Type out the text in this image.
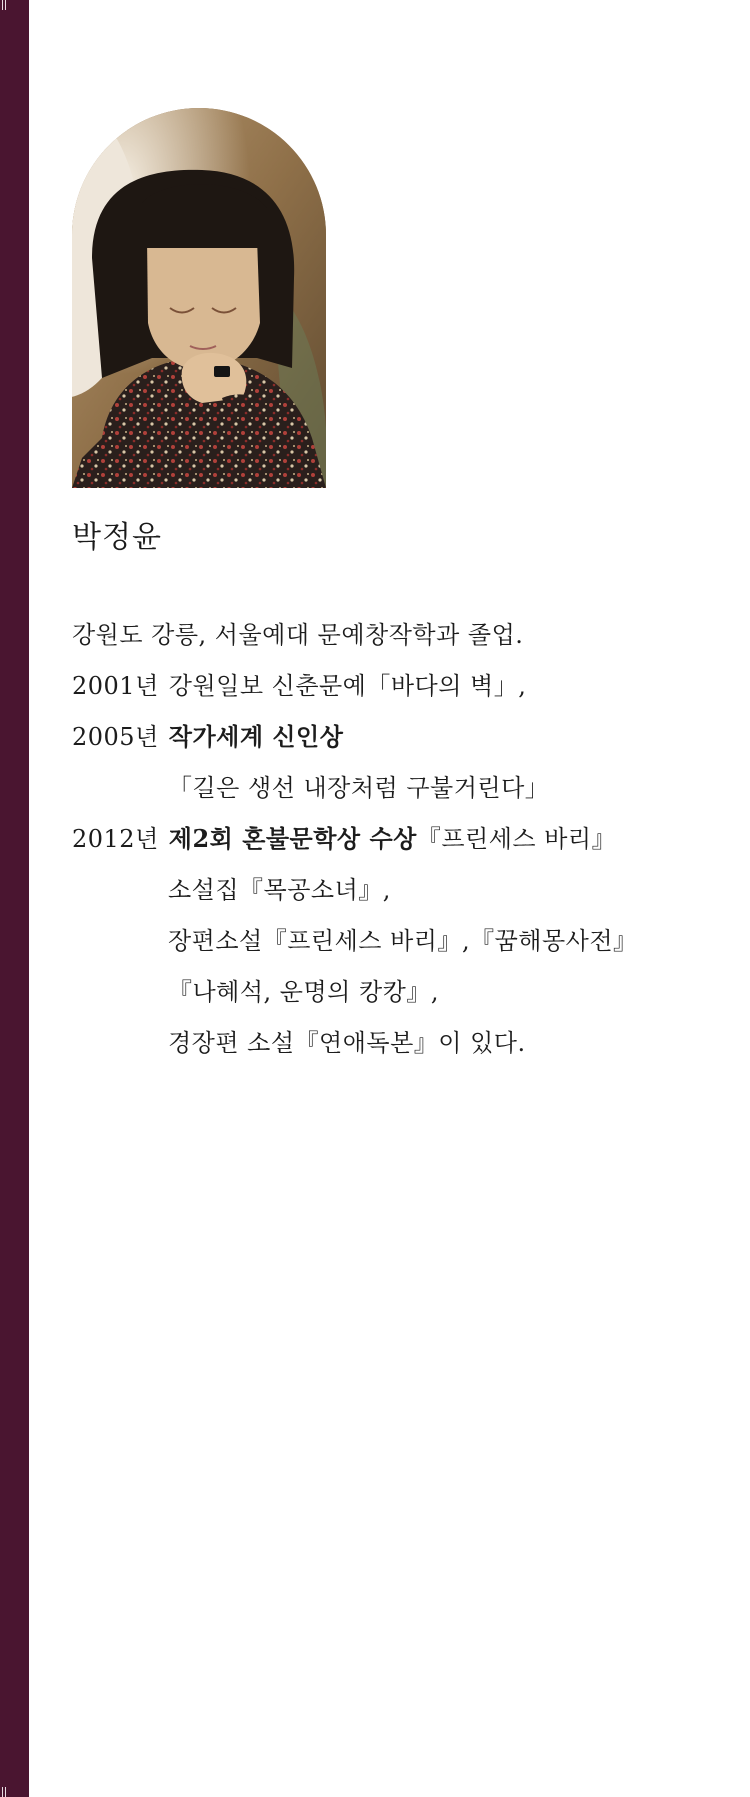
박정윤
강원도 강릉, 서울예대 문예창작학과 졸업.
2001년 강원일보 신춘문예「바다의 벽」,
2005년 작가세계 신인상
「길은 생선 내장처럼 구불거린다」
2012년 제2회 혼불문학상 수상『프린세스 바리』
소설집『목공소녀』,
장편소설『프린세스 바리』,『꿈해몽사전』
『나혜석, 운명의 캉캉』,
경장편 소설『연애독본』이 있다.
